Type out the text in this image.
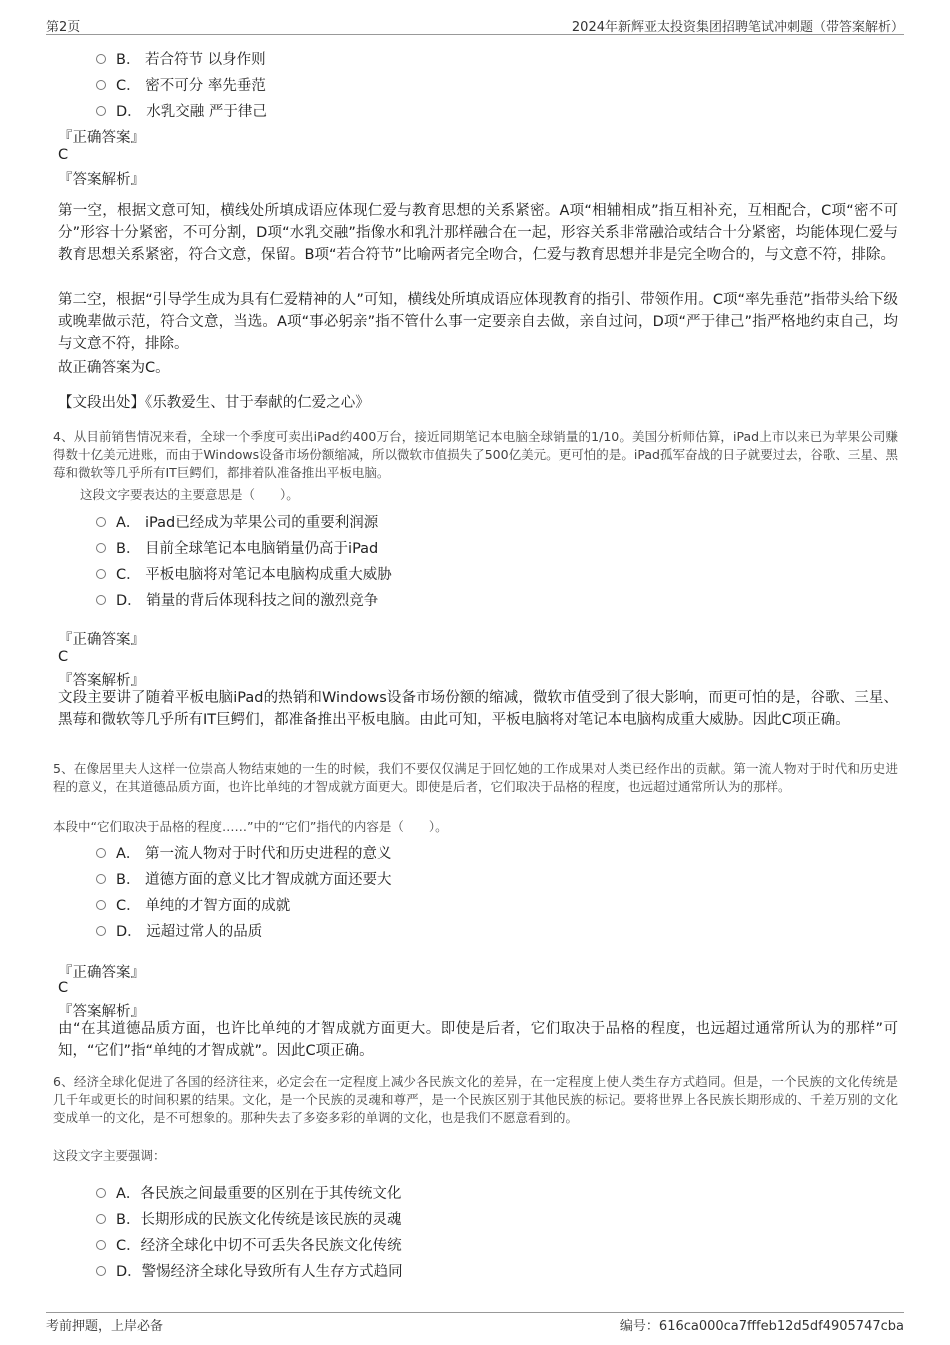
第2页	2024年新辉亚太投资集团招聘笔试冲刺题（带答案解析）
B． 若合符节 以身作则
C． 密不可分 率先垂范
D． 水乳交融 严于律己
『正确答案』
C
『答案解析』
第一空，根据文意可知，横线处所填成语应体现仁爱与教育思想的关系紧密。A项“相辅相成”指互相补充，互相配合，C项“密不可分”形容十分紧密，不可分割，D项“水乳交融”指像水和乳汁那样融合在一起，形容关系非常融洽或结合十分紧密，均能体现仁爱与教育思想关系紧密，符合文意，保留。B项“若合符节”比喻两者完全吻合，仁爱与教育思想并非是完全吻合的，与文意不符，排除。
第二空，根据“引导学生成为具有仁爱精神的人”可知，横线处所填成语应体现教育的指引、带领作用。C项“率先垂范”指带头给下级或晚辈做示范，符合文意，当选。A项“事必躬亲”指不管什么事一定要亲自去做，亲自过问，D项“严于律己”指严格地约束自己，均与文意不符，排除。
故正确答案为C。
【文段出处】《乐教爱生、甘于奉献的仁爱之心》
4、从目前销售情况来看，全球一个季度可卖出iPad约400万台，接近同期笔记本电脑全球销量的1/10。美国分析师估算，iPad上市以来已为苹果公司赚得数十亿美元进账，而由于Windows设备市场份额缩减，所以微软市值损失了500亿美元。更可怕的是。iPad孤军奋战的日子就要过去，谷歌、三星、黑莓和微软等几乎所有IT巨鳄们，都排着队准备推出平板电脑。
这段文字要表达的主要意思是（　　）。
A． iPad已经成为苹果公司的重要利润源
B． 目前全球笔记本电脑销量仍高于iPad
C． 平板电脑将对笔记本电脑构成重大威胁
D． 销量的背后体现科技之间的激烈竞争
『正确答案』
C
『答案解析』
文段主要讲了随着平板电脑iPad的热销和Windows设备市场份额的缩减，微软市值受到了很大影响，而更可怕的是，谷歌、三星、黑莓和微软等几乎所有IT巨鳄们，都准备推出平板电脑。由此可知，平板电脑将对笔记本电脑构成重大威胁。因此C项正确。
5、在像居里夫人这样一位崇高人物结束她的一生的时候，我们不要仅仅满足于回忆她的工作成果对人类已经作出的贡献。第一流人物对于时代和历史进程的意义，在其道德品质方面，也许比单纯的才智成就方面更大。即使是后者，它们取决于品格的程度，也远超过通常所认为的那样。
本段中“它们取决于品格的程度……”中的“它们”指代的内容是（　　）。
A． 第一流人物对于时代和历史进程的意义
B． 道德方面的意义比才智成就方面还要大
C． 单纯的才智方面的成就
D． 远超过常人的品质
『正确答案』
C
『答案解析』
由“在其道德品质方面，也许比单纯的才智成就方面更大。即使是后者，它们取决于品格的程度，也远超过通常所认为的那样”可知，“它们”指“单纯的才智成就”。因此C项正确。
6、经济全球化促进了各国的经济往来，必定会在一定程度上减少各民族文化的差异，在一定程度上使人类生存方式趋同。但是，一个民族的文化传统是几千年或更长的时间积累的结果。文化，是一个民族的灵魂和尊严，是一个民族区别于其他民族的标记。要将世界上各民族长期形成的、千差万别的文化变成单一的文化，是不可想象的。那种失去了多姿多彩的单调的文化，也是我们不愿意看到的。
这段文字主要强调：
A．各民族之间最重要的区别在于其传统文化
B．长期形成的民族文化传统是该民族的灵魂
C．经济全球化中切不可丢失各民族文化传统
D．警惕经济全球化导致所有人生存方式趋同
考前押题，上岸必备	编号：616ca000ca7fffeb12d5df4905747cba
